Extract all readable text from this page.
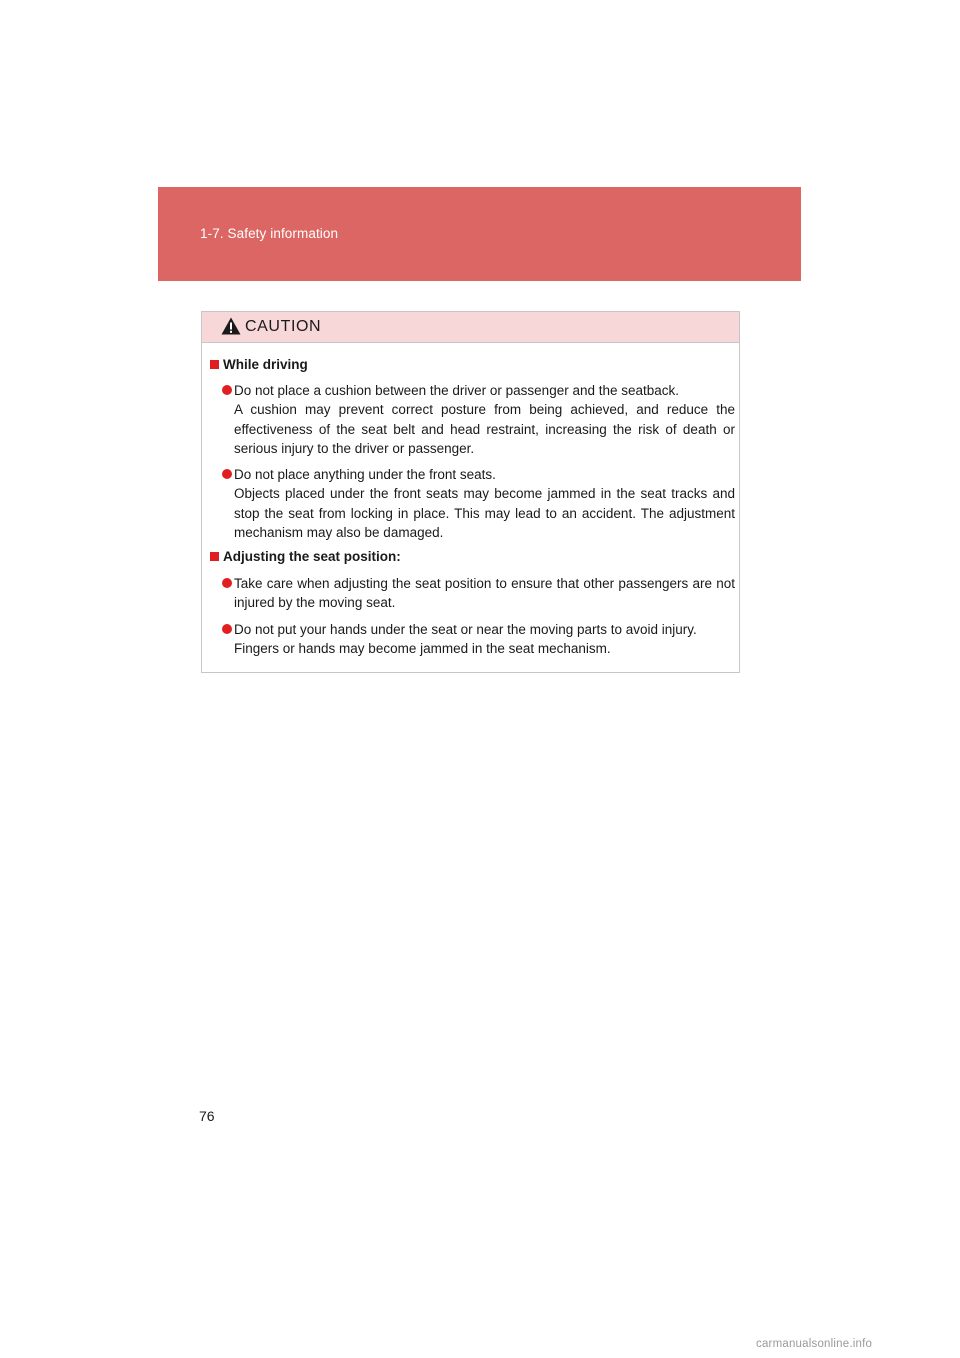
1-7. Safety information
CAUTION
While driving
Do not place a cushion between the driver or passenger and the seatback.
A cushion may prevent correct posture from being achieved, and reduce the effectiveness of the seat belt and head restraint, increasing the risk of death or serious injury to the driver or passenger.
Do not place anything under the front seats.
Objects placed under the front seats may become jammed in the seat tracks and stop the seat from locking in place. This may lead to an accident. The adjustment mechanism may also be damaged.
Adjusting the seat position:
Take care when adjusting the seat position to ensure that other passengers are not injured by the moving seat.
Do not put your hands under the seat or near the moving parts to avoid injury.
Fingers or hands may become jammed in the seat mechanism.
76
carmanualsonline.info
